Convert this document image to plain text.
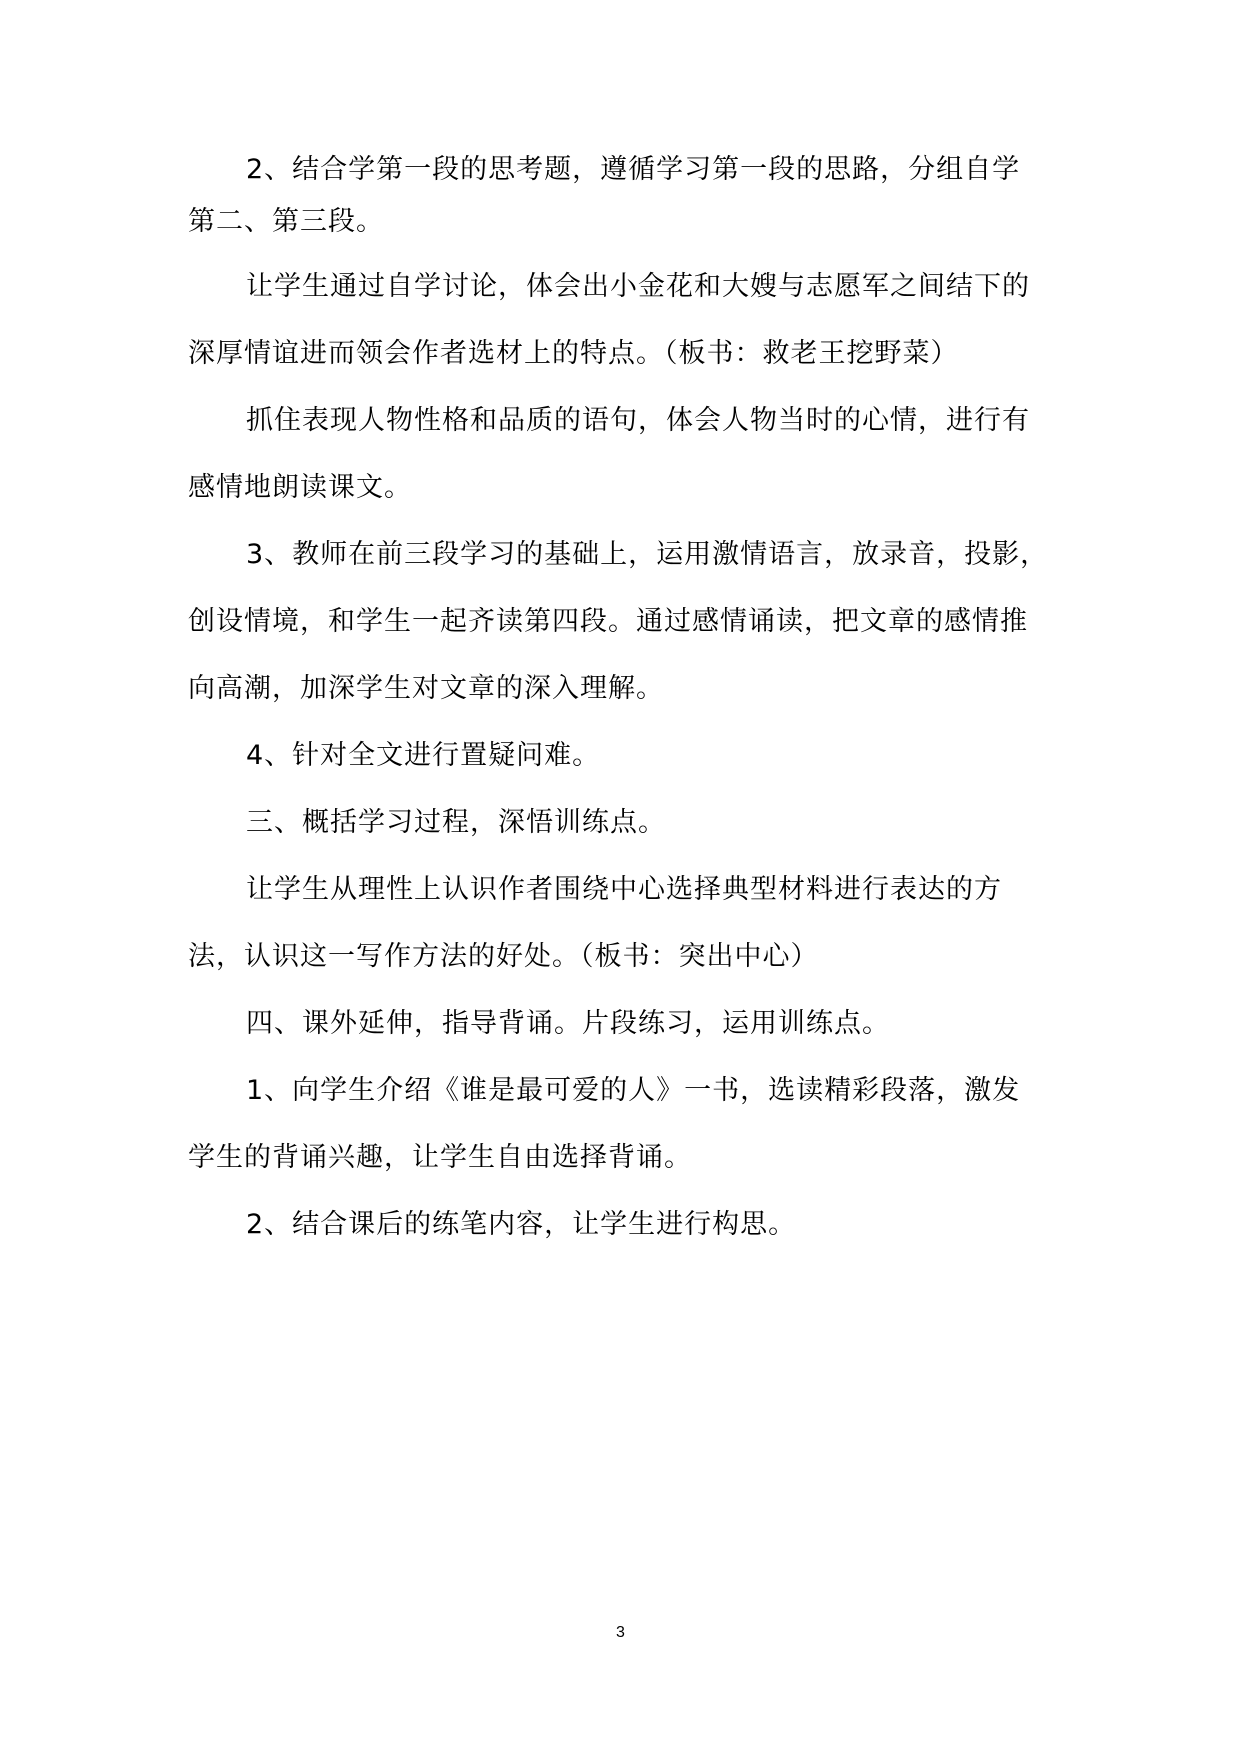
2、结合学第一段的思考题，遵循学习第一段的思路，分组自学
第二、第三段。
让学生通过自学讨论，体会出小金花和大嫂与志愿军之间结下的
深厚情谊进而领会作者选材上的特点。（板书：救老王挖野菜）
抓住表现人物性格和品质的语句，体会人物当时的心情，进行有
感情地朗读课文。
3、教师在前三段学习的基础上，运用激情语言，放录音，投影，
创设情境，和学生一起齐读第四段。通过感情诵读，把文章的感情推
向高潮，加深学生对文章的深入理解。
4、针对全文进行置疑问难。
三、概括学习过程，深悟训练点。
让学生从理性上认识作者围绕中心选择典型材料进行表达的方
法，认识这一写作方法的好处。（板书：突出中心）
四、课外延伸，指导背诵。片段练习，运用训练点。
1、向学生介绍《谁是最可爱的人》一书，选读精彩段落，激发
学生的背诵兴趣，让学生自由选择背诵。
2、结合课后的练笔内容，让学生进行构思。
3
